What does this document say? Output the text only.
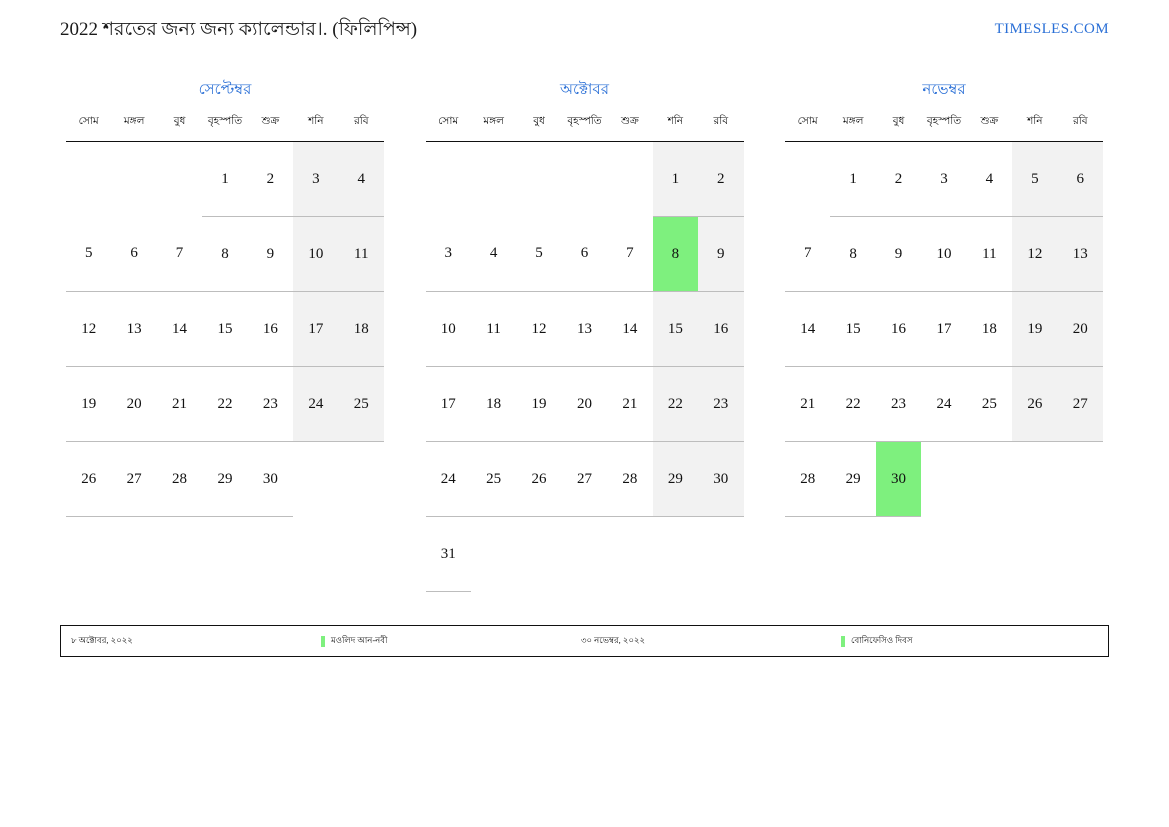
2022 শরতের জন্য জন্য ক্যালেন্ডার।. (ফিলিপিন্স)	TIMESLES.COM
সেপ্টেম্বর
সোম	মঙ্গল	বুধ	বৃহস্পতি	শুক্র	শনি	রবি
			1	2	3	4
5	6	7	8	9	10	11
12	13	14	15	16	17	18
19	20	21	22	23	24	25
26	27	28	29	30		
অক্টোবর
সোম	মঙ্গল	বুধ	বৃহস্পতি	শুক্র	শনি	রবি
					1	2
3	4	5	6	7	8	9
10	11	12	13	14	15	16
17	18	19	20	21	22	23
24	25	26	27	28	29	30
31						
নভেম্বর
সোম	মঙ্গল	বুধ	বৃহস্পতি	শুক্র	শনি	রবি
	1	2	3	4	5	6
7	8	9	10	11	12	13
14	15	16	17	18	19	20
21	22	23	24	25	26	27
28	29	30				
৮ অক্টোবর, ২০২২	মওলিদ আন-নবী	৩০ নভেম্বর, ২০২২	বোনিফেসিও দিবস
